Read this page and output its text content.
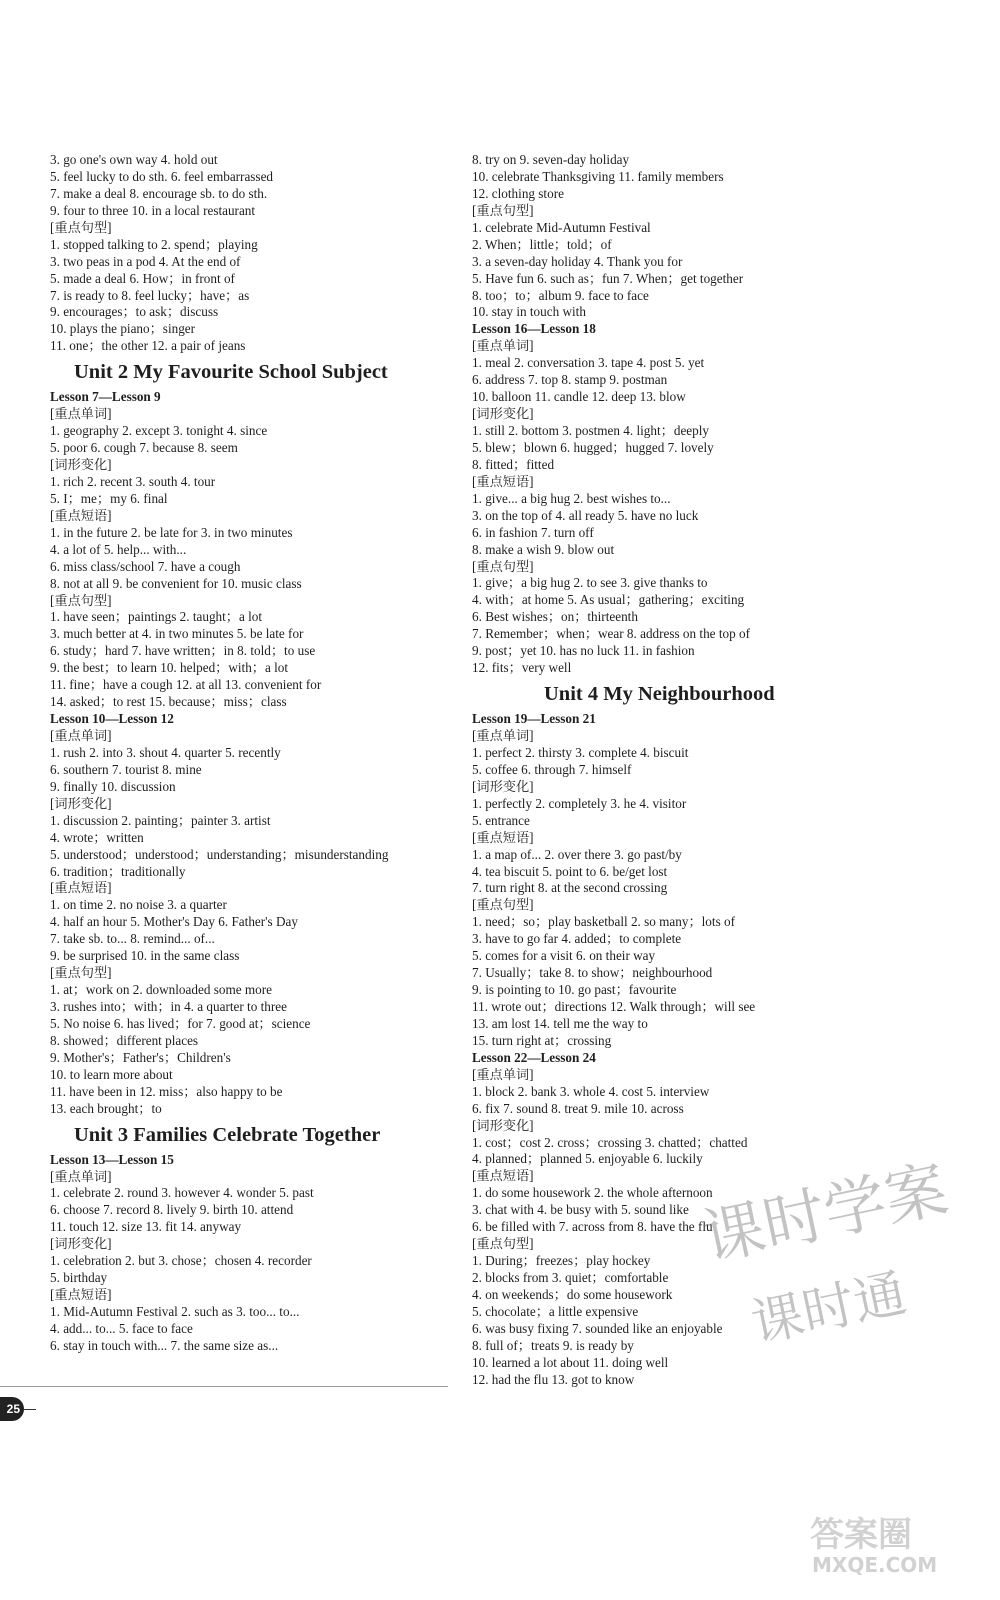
3. go one's own way 4. hold out
5. feel lucky to do sth. 6. feel embarrassed
7. make a deal 8. encourage sb. to do sth.
9. four to three 10. in a local restaurant
[重点句型]
1. stopped talking to 2. spend；playing
3. two peas in a pod 4. At the end of
5. made a deal 6. How；in front of
7. is ready to 8. feel lucky；have；as
9. encourages；to ask；discuss
10. plays the piano；singer
11. one；the other 12. a pair of jeans
Unit 2 My Favourite School Subject
Lesson 7—Lesson 9
[重点单词]
1. geography 2. except 3. tonight 4. since
5. poor 6. cough 7. because 8. seem
[词形变化]
1. rich 2. recent 3. south 4. tour
5. I；me；my 6. final
[重点短语]
1. in the future 2. be late for 3. in two minutes
4. a lot of 5. help... with...
6. miss class/school 7. have a cough
8. not at all 9. be convenient for 10. music class
[重点句型]
1. have seen；paintings 2. taught；a lot
3. much better at 4. in two minutes 5. be late for
6. study；hard 7. have written；in 8. told；to use
9. the best；to learn 10. helped；with；a lot
11. fine；have a cough 12. at all 13. convenient for
14. asked；to rest 15. because；miss；class
Lesson 10—Lesson 12
[重点单词]
1. rush 2. into 3. shout 4. quarter 5. recently
6. southern 7. tourist 8. mine
9. finally 10. discussion
[词形变化]
1. discussion 2. painting；painter 3. artist
4. wrote；written
5. understood；understood；understanding；misunderstanding
6. tradition；traditionally
[重点短语]
1. on time 2. no noise 3. a quarter
4. half an hour 5. Mother's Day 6. Father's Day
7. take sb. to... 8. remind... of...
9. be surprised 10. in the same class
[重点句型]
1. at；work on 2. downloaded some more
3. rushes into；with；in 4. a quarter to three
5. No noise 6. has lived；for 7. good at；science
8. showed；different places
9. Mother's；Father's；Children's
10. to learn more about
11. have been in 12. miss；also happy to be
13. each brought；to
Unit 3 Families Celebrate Together
Lesson 13—Lesson 15
[重点单词]
1. celebrate 2. round 3. however 4. wonder 5. past
6. choose 7. record 8. lively 9. birth 10. attend
11. touch 12. size 13. fit 14. anyway
[词形变化]
1. celebration 2. but 3. chose；chosen 4. recorder
5. birthday
[重点短语]
1. Mid-Autumn Festival 2. such as 3. too... to...
4. add... to... 5. face to face
6. stay in touch with... 7. the same size as...
8. try on 9. seven-day holiday
10. celebrate Thanksgiving 11. family members
12. clothing store
[重点句型]
1. celebrate Mid-Autumn Festival
2. When；little；told；of
3. a seven-day holiday 4. Thank you for
5. Have fun 6. such as；fun 7. When；get together
8. too；to；album 9. face to face
10. stay in touch with
Lesson 16—Lesson 18
[重点单词]
1. meal 2. conversation 3. tape 4. post 5. yet
6. address 7. top 8. stamp 9. postman
10. balloon 11. candle 12. deep 13. blow
[词形变化]
1. still 2. bottom 3. postmen 4. light；deeply
5. blew；blown 6. hugged；hugged 7. lovely
8. fitted；fitted
[重点短语]
1. give... a big hug 2. best wishes to...
3. on the top of 4. all ready 5. have no luck
6. in fashion 7. turn off
8. make a wish 9. blow out
[重点句型]
1. give；a big hug 2. to see 3. give thanks to
4. with；at home 5. As usual；gathering；exciting
6. Best wishes；on；thirteenth
7. Remember；when；wear 8. address on the top of
9. post；yet 10. has no luck 11. in fashion
12. fits；very well
Unit 4 My Neighbourhood
Lesson 19—Lesson 21
[重点单词]
1. perfect 2. thirsty 3. complete 4. biscuit
5. coffee 6. through 7. himself
[词形变化]
1. perfectly 2. completely 3. he 4. visitor
5. entrance
[重点短语]
1. a map of... 2. over there 3. go past/by
4. tea biscuit 5. point to 6. be/get lost
7. turn right 8. at the second crossing
[重点句型]
1. need；so；play basketball 2. so many；lots of
3. have to go far 4. added；to complete
5. comes for a visit 6. on their way
7. Usually；take 8. to show；neighbourhood
9. is pointing to 10. go past；favourite
11. wrote out；directions 12. Walk through；will see
13. am lost 14. tell me the way to
15. turn right at；crossing
Lesson 22—Lesson 24
[重点单词]
1. block 2. bank 3. whole 4. cost 5. interview
6. fix 7. sound 8. treat 9. mile 10. across
[词形变化]
1. cost；cost 2. cross；crossing 3. chatted；chatted
4. planned；planned 5. enjoyable 6. luckily
[重点短语]
1. do some housework 2. the whole afternoon
3. chat with 4. be busy with 5. sound like
6. be filled with 7. across from 8. have the flu
[重点句型]
1. During；freezes；play hockey
2. blocks from 3. quiet；comfortable
4. on weekends；do some housework
5. chocolate；a little expensive
6. was busy fixing 7. sounded like an enjoyable
8. full of；treats 9. is ready by
10. learned a lot about 11. doing well
12. had the flu 13. got to know
25
课时学案
课时通
答案圈
MXQE.COM
